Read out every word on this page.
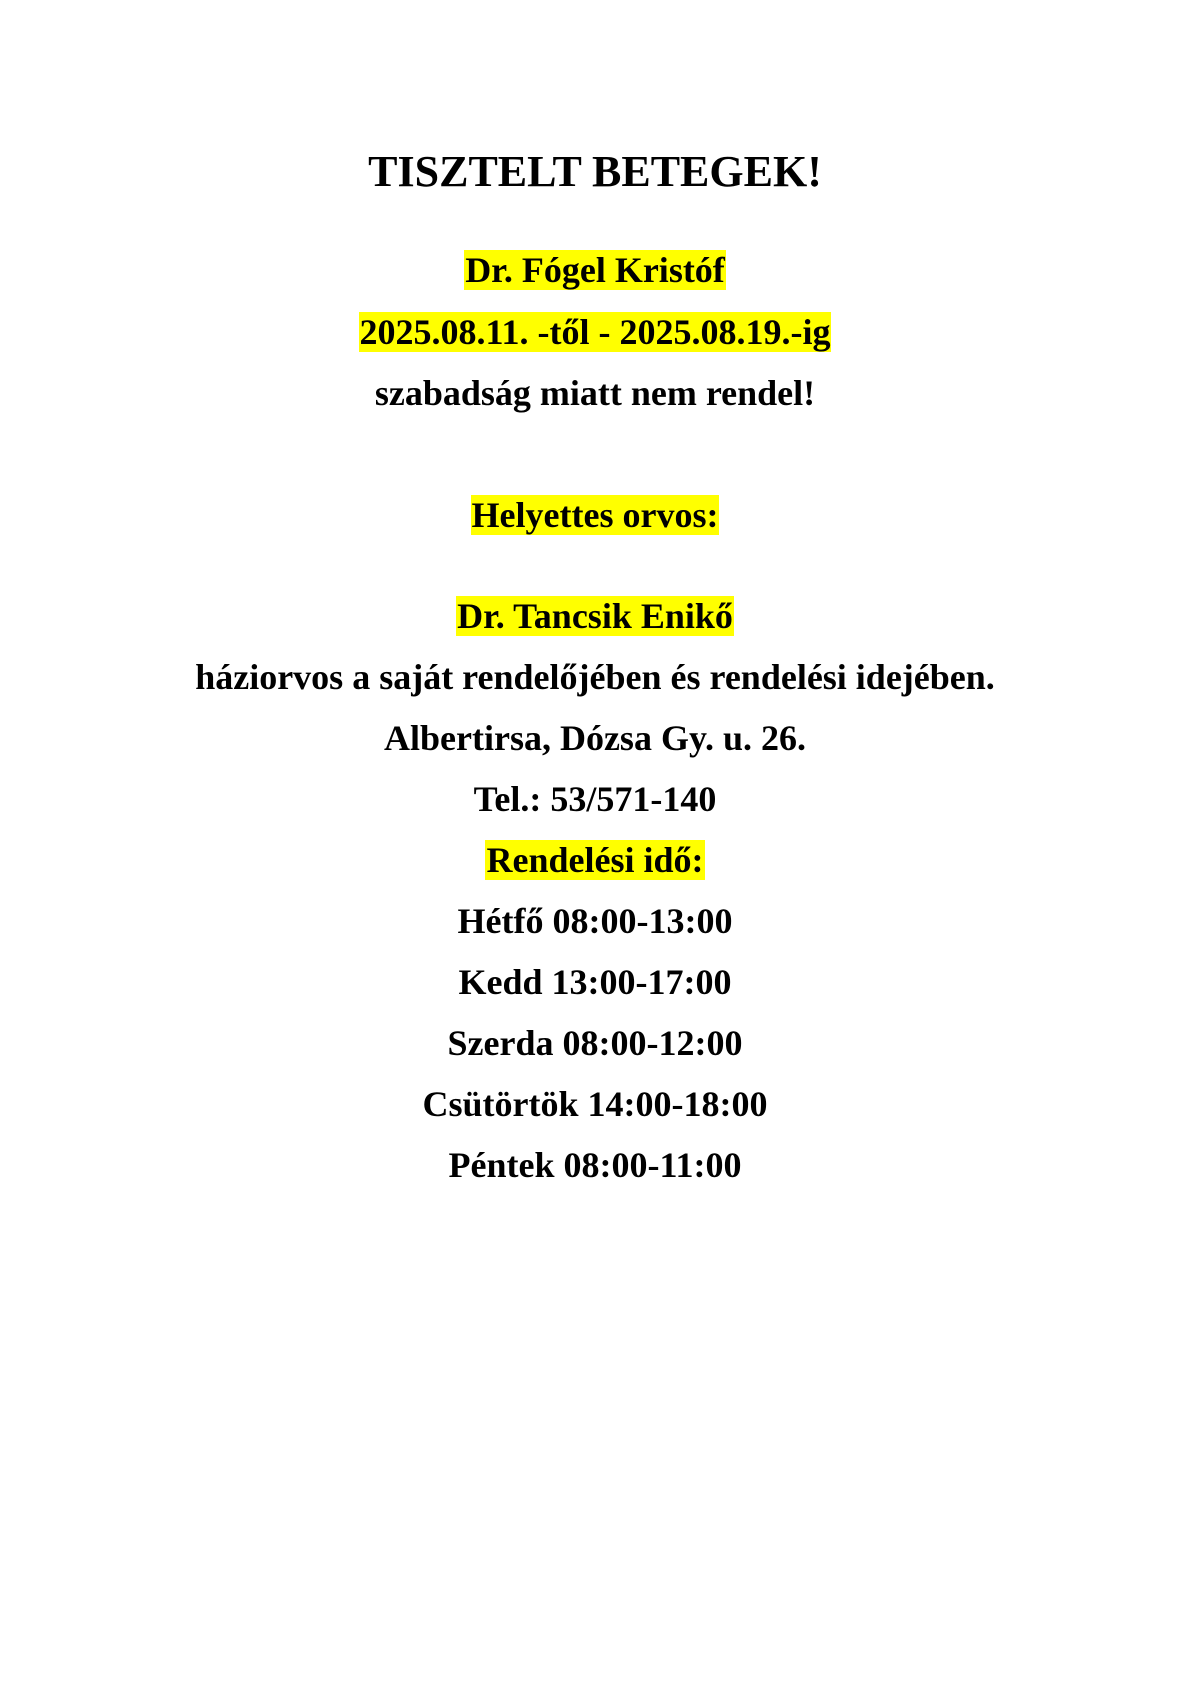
TISZTELT BETEGEK!
Dr. Fógel Kristóf
2025.08.11. -től - 2025.08.19.-ig
szabadság miatt nem rendel!
Helyettes orvos:
Dr. Tancsik Enikő
háziorvos a saját rendelőjében és rendelési idejében.
Albertirsa, Dózsa Gy. u. 26.
Tel.: 53/571-140
Rendelési idő:
Hétfő 08:00-13:00
Kedd 13:00-17:00
Szerda 08:00-12:00
Csütörtök 14:00-18:00
Péntek 08:00-11:00
